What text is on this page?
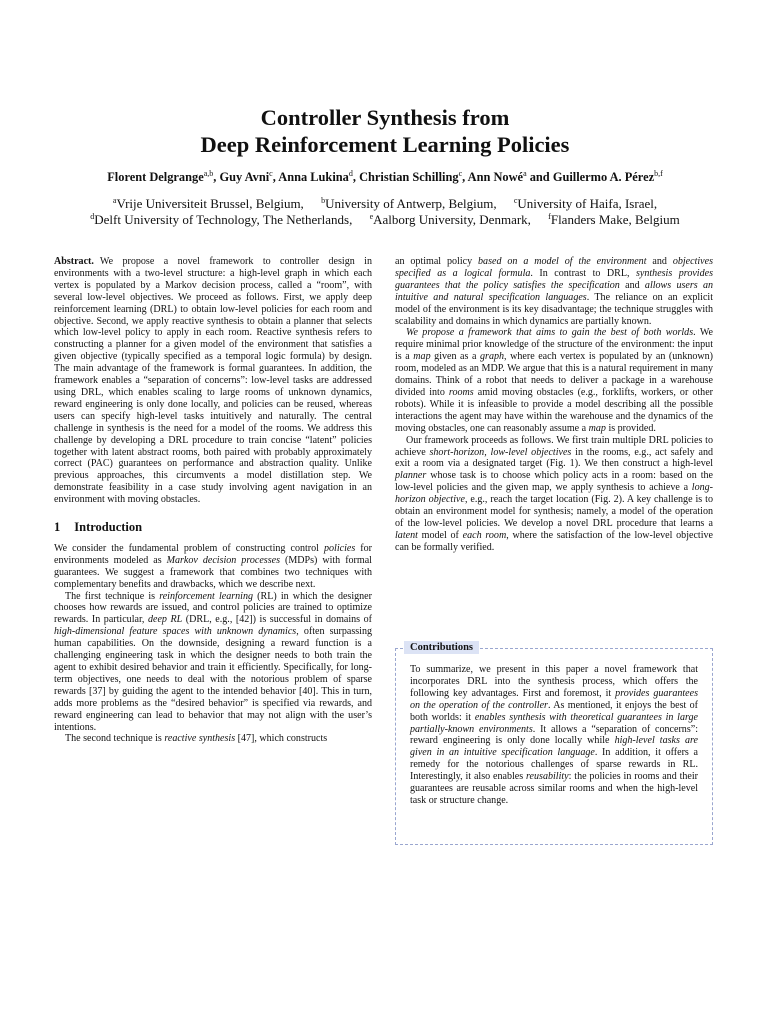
Controller Synthesis from
Deep Reinforcement Learning Policies
Florent Delgrange$^{a,b}$, Guy Avni$^c$, Anna Lukina$^d$, Christian Schilling$^c$, Ann Nowé$^a$ and Guillermo A. Pérez$^{b,f}$
$^a$Vrije Universiteit Brussel, Belgium, $^b$University of Antwerp, Belgium, $^c$University of Haifa, Israel,
$^d$Delft University of Technology, The Netherlands, $^e$Aalborg University, Denmark, $^f$Flanders Make, Belgium

Abstract. We propose a novel framework to controller design in environments with a two-level structure: a high-level graph in which each vertex is populated by a Markov decision process, called a “room”, with several low-level objectives. We proceed as follows. First, we apply deep reinforcement learning (DRL) to obtain low-level policies for each room and objective. Second, we apply reactive synthesis to obtain a planner that selects which low-level policy to apply in each room. Reactive synthesis refers to constructing a planner for a given model of the environment that satisfies a given objective (typically specified as a temporal logic formula) by design. The main advantage of the framework is formal guarantees. In addition, the framework enables a “separation of concerns”: low-level tasks are addressed using DRL, which enables scaling to large rooms of unknown dynamics, reward engineering is only done locally, and policies can be reused, whereas users can specify high-level tasks intuitively and naturally. The central challenge in synthesis is the need for a model of the rooms. We address this challenge by developing a DRL procedure to train concise “latent” policies together with latent abstract rooms, both paired with probably approximately correct (PAC) guarantees on performance and abstraction quality. Unlike previous approaches, this circumvents a model distillation step. We demonstrate feasibility in a case study involving agent navigation in an environment with moving obstacles.

1 Introduction

We consider the fundamental problem of constructing control policies for environments modeled as Markov decision processes (MDPs) with formal guarantees. We suggest a framework that combines two techniques with complementary benefits and drawbacks, which we describe next.

The first technique is reinforcement learning (RL) in which the designer chooses how rewards are issued, and control policies are trained to optimize rewards. In particular, deep RL (DRL, e.g., [42]) is successful in domains of high-dimensional feature spaces with unknown dynamics, often surpassing human capabilities. On the downside, designing a reward function is a challenging engineering task in which the designer needs to both train the agent to exhibit desired behavior and train it efficiently. Specifically, for long-term objectives, one needs to deal with the notorious problem of sparse rewards [37] by guiding the agent to the intended behavior [40]. This in turn, adds more problems as the “desired behavior” is specified via rewards, and reward engineering can lead to behavior that may not align with the user’s intentions.

The second technique is reactive synthesis [47], which constructs

an optimal policy based on a model of the environment and objectives specified as a logical formula. In contrast to DRL, synthesis provides guarantees that the policy satisfies the specification and allows users an intuitive and natural specification languages. The reliance on an explicit model of the environment is its key disadvantage; the technique struggles with scalability and domains in which dynamics are partially known.

We propose a framework that aims to gain the best of both worlds. We require minimal prior knowledge of the structure of the environment: the input is a map given as a graph, where each vertex is populated by an (unknown) room, modeled as an MDP. We argue that this is a natural requirement in many domains. Think of a robot that needs to deliver a package in a warehouse divided into rooms amid moving obstacles (e.g., forklifts, workers, or other robots). While it is infeasible to provide a model describing all the possible interactions the agent may have within the warehouse and the dynamics of the moving obstacles, one can reasonably assume a map is provided.

Our framework proceeds as follows. We first train multiple DRL policies to achieve short-horizon, low-level objectives in the rooms, e.g., act safely and exit a room via a designated target (Fig. 1). We then construct a high-level planner whose task is to choose which policy acts in a room: based on the low-level policies and the given map, we apply synthesis to achieve a long-horizon objective, e.g., reach the target location (Fig. 2). A key challenge is to obtain an environment model for synthesis; namely, a model of the operation of the low-level policies. We develop a novel DRL procedure that learns a latent model of each room, where the satisfaction of the low-level objective can be formally verified.

Contributions
To summarize, we present in this paper a novel framework that incorporates DRL into the synthesis process, which offers the following key advantages. First and foremost, it provides guarantees on the operation of the controller. As mentioned, it enjoys the best of both worlds: it enables synthesis with theoretical guarantees in large partially-known environments. It allows a “separation of concerns”: reward engineering is only done locally while high-level tasks are given in an intuitive specification language. In addition, it offers a remedy for the notorious challenges of sparse rewards in RL. Interestingly, it also enables reusability: the policies in rooms and their guarantees are reusable across similar rooms and when the high-level task or structure change.
